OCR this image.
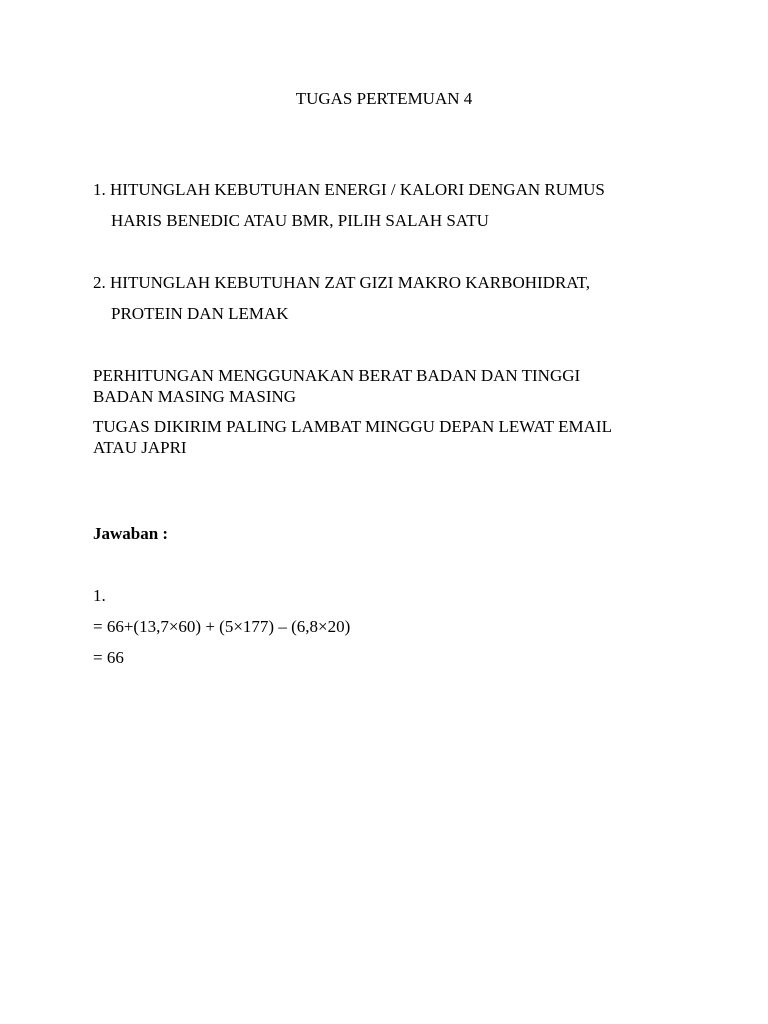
TUGAS PERTEMUAN 4
1. HITUNGLAH KEBUTUHAN ENERGI / KALORI DENGAN RUMUS
HARIS BENEDIC ATAU BMR, PILIH SALAH SATU
2. HITUNGLAH KEBUTUHAN ZAT GIZI MAKRO KARBOHIDRAT,
PROTEIN DAN LEMAK
PERHITUNGAN MENGGUNAKAN BERAT BADAN DAN TINGGI
BADAN MASING MASING
TUGAS DIKIRIM PALING LAMBAT MINGGU DEPAN LEWAT EMAIL
ATAU JAPRI
Jawaban :
1.
= 66+(13,7×60) + (5×177) – (6,8×20)
= 66
